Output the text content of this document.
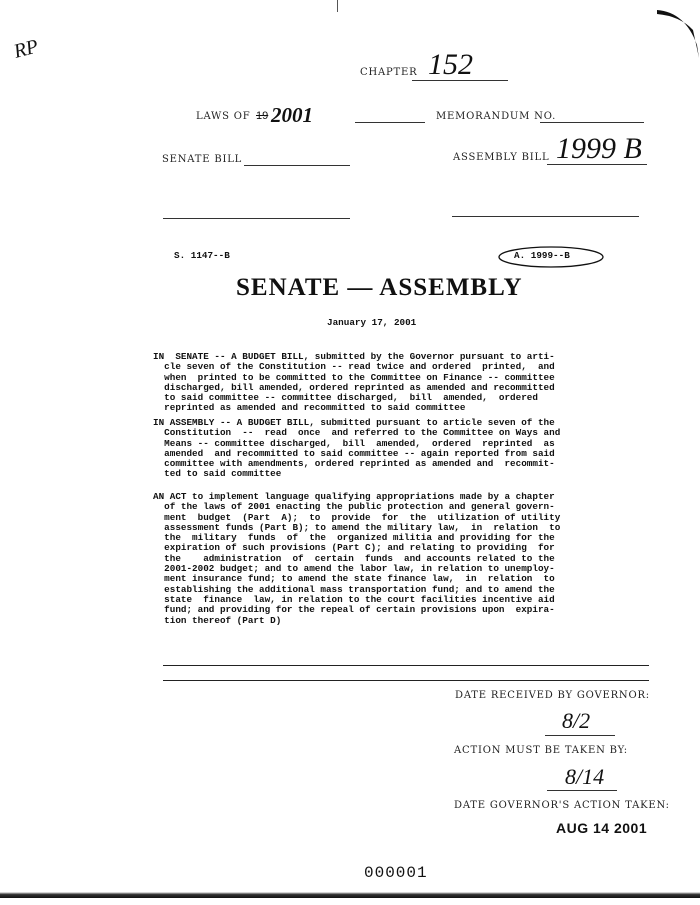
RP
CHAPTER 152
LAWS OF 19 2001	MEMORANDUM NO.
SENATE BILL	ASSEMBLY BILL 1999 B
S. 1147--B	A. 1999--B
SENATE — ASSEMBLY
January 17, 2001
IN  SENATE -- A BUDGET BILL, submitted by the Governor pursuant to arti-
cle seven of the Constitution -- read twice and ordered  printed,  and
when  printed to be committed to the Committee on Finance -- committee
discharged, bill amended, ordered reprinted as amended and recommitted
to said committee -- committee discharged,  bill  amended,  ordered
reprinted as amended and recommitted to said committee
IN ASSEMBLY -- A BUDGET BILL, submitted pursuant to article seven of the
Constitution  --  read  once  and referred to the Committee on Ways and
Means -- committee discharged,  bill  amended,  ordered  reprinted  as
amended  and recommitted to said committee -- again reported from said
committee with amendments, ordered reprinted as amended and  recommit-
ted to said committee
AN ACT to implement language qualifying appropriations made by a chapter
of the laws of 2001 enacting the public protection and general govern-
ment  budget  (Part  A);  to  provide  for  the  utilization of utility
assessment funds (Part B); to amend the military law,  in  relation  to
the  military  funds  of  the  organized militia and providing for the
expiration of such provisions (Part C); and relating to providing  for
the    administration  of  certain  funds  and accounts related to the
2001-2002 budget; and to amend the labor law, in relation to unemploy-
ment insurance fund; to amend the state finance law,  in  relation  to
establishing the additional mass transportation fund; and to amend the
state  finance  law, in relation to the court facilities incentive aid
fund; and providing for the repeal of certain provisions upon  expira-
tion thereof (Part D)
DATE RECEIVED BY GOVERNOR:
8/2
ACTION MUST BE TAKEN BY:
8/14
DATE GOVERNOR'S ACTION TAKEN:
AUG 14 2001
000001
